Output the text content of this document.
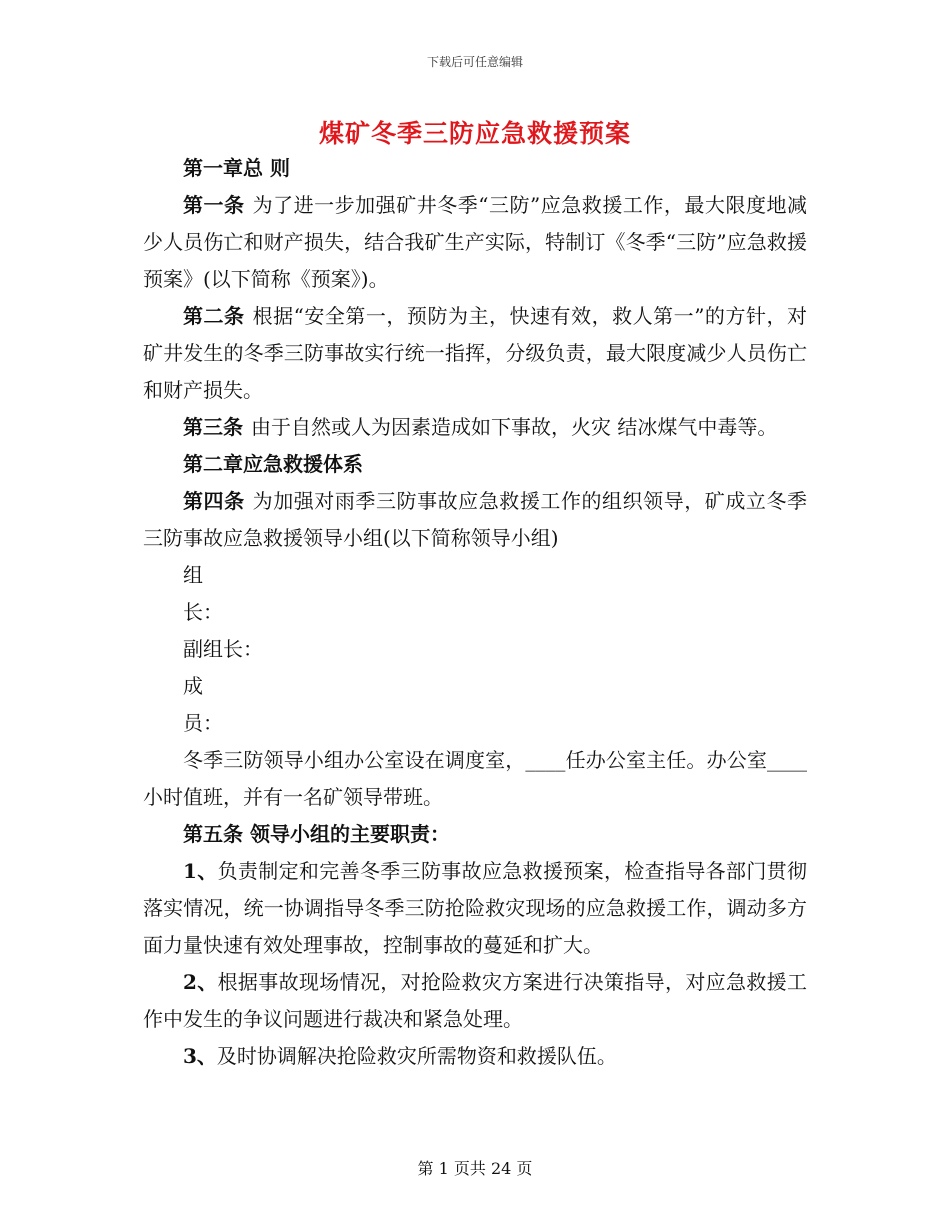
下载后可任意编辑
煤矿冬季三防应急救援预案

第一章总 则

第一条 为了进一步加强矿井冬季“三防”应急救援工作，最大限度地减少人员伤亡和财产损失，结合我矿生产实际，特制订《冬季“三防”应急救援预案》(以下简称《预案》)。

第二条 根据“安全第一，预防为主，快速有效，救人第一”的方针，对矿井发生的冬季三防事故实行统一指挥，分级负责，最大限度减少人员伤亡和财产损失。

第三条 由于自然或人为因素造成如下事故，火灾 结冰煤气中毒等。

第二章应急救援体系

第四条 为加强对雨季三防事故应急救援工作的组织领导，矿成立冬季三防事故应急救援领导小组(以下简称领导小组)

组

长：

副组长：

成

员：

冬季三防领导小组办公室设在调度室，____任办公室主任。办公室____小时值班，并有一名矿领导带班。

第五条 领导小组的主要职责：

1、负责制定和完善冬季三防事故应急救援预案，检查指导各部门贯彻落实情况，统一协调指导冬季三防抢险救灾现场的应急救援工作，调动多方面力量快速有效处理事故，控制事故的蔓延和扩大。

2、根据事故现场情况，对抢险救灾方案进行决策指导，对应急救援工作中发生的争议问题进行裁决和紧急处理。

3、及时协调解决抢险救灾所需物资和救援队伍。

第 1 页共 24 页
